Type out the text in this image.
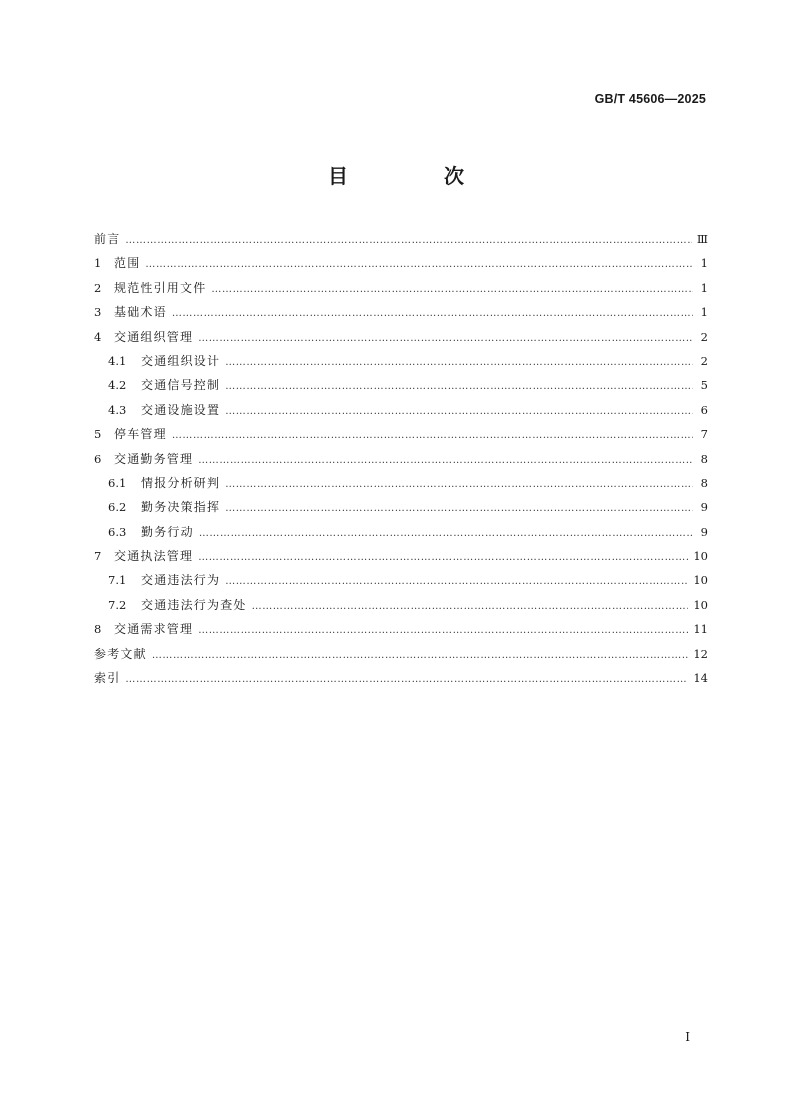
GB/T 45606—2025
目　次
前言 …………………………………………………………………………………………………………………………………………………………………………………………	Ⅲ
1	范围 …………………………………………………………………………………………………………………………………………………………………………………………	1
2	规范性引用文件 …………………………………………………………………………………………………………………………………………………………………………………………	1
3	基础术语 …………………………………………………………………………………………………………………………………………………………………………………………	1
4	交通组织管理 …………………………………………………………………………………………………………………………………………………………………………………………	2
4.1	交通组织设计 …………………………………………………………………………………………………………………………………………………………………………………………	2
4.2	交通信号控制 …………………………………………………………………………………………………………………………………………………………………………………………	5
4.3	交通设施设置 …………………………………………………………………………………………………………………………………………………………………………………………	6
5	停车管理 …………………………………………………………………………………………………………………………………………………………………………………………	7
6	交通勤务管理 …………………………………………………………………………………………………………………………………………………………………………………………	8
6.1	情报分析研判 …………………………………………………………………………………………………………………………………………………………………………………………	8
6.2	勤务决策指挥 …………………………………………………………………………………………………………………………………………………………………………………………	9
6.3	勤务行动 …………………………………………………………………………………………………………………………………………………………………………………………	9
7	交通执法管理 …………………………………………………………………………………………………………………………………………………………………………………………	10
7.1	交通违法行为 …………………………………………………………………………………………………………………………………………………………………………………………	10
7.2	交通违法行为查处 …………………………………………………………………………………………………………………………………………………………………………………………	10
8	交通需求管理 …………………………………………………………………………………………………………………………………………………………………………………………	11
参考文献 …………………………………………………………………………………………………………………………………………………………………………………………	12
索引 …………………………………………………………………………………………………………………………………………………………………………………………	14
I
